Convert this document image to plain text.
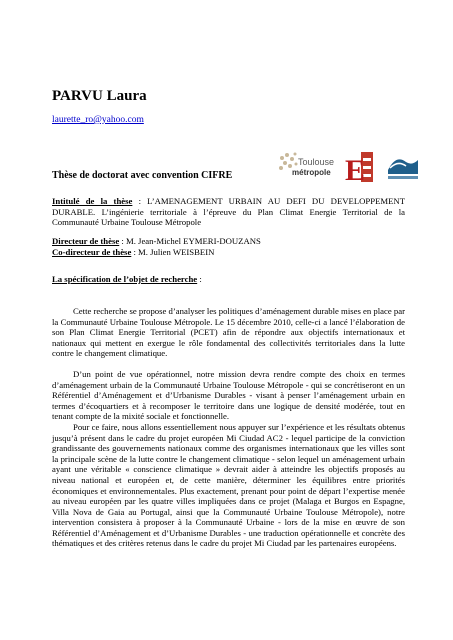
PARVU Laura
laurette_ro@yahoo.com
Thèse de doctorat avec convention CIFRE
Toulouse
métropole E
Intitulé de la thèse : L’AMENAGEMENT URBAIN AU DEFI DU DEVELOPPEMENT DURABLE. L’ingénierie territoriale à l’épreuve du Plan Climat Energie Territorial de la Communauté Urbaine Toulouse Métropole
Directeur de thèse : M. Jean-Michel EYMERI-DOUZANS
Co-directeur de thèse : M. Julien WEISBEIN
La spécification de l’objet de recherche :

Cette recherche se propose d’analyser les politiques d’aménagement durable mises en place par la Communauté Urbaine Toulouse Métropole. Le 15 décembre 2010, celle-ci a lancé l’élaboration de son Plan Climat Energie Territorial (PCET) afin de répondre aux objectifs internationaux et nationaux qui mettent en exergue le rôle fondamental des collectivités territoriales dans la lutte contre le changement climatique.

D’un point de vue opérationnel, notre mission devra rendre compte des choix en termes d’aménagement urbain de la Communauté Urbaine Toulouse Métropole - qui se concrétiseront en un Référentiel d’Aménagement et d’Urbanisme Durables - visant à penser l’aménagement urbain en termes d’écoquartiers et à recomposer le territoire dans une logique de densité modérée, tout en tenant compte de la mixité sociale et fonctionnelle.

Pour ce faire, nous allons essentiellement nous appuyer sur l’expérience et les résultats obtenus jusqu’à présent dans le cadre du projet européen Mi Ciudad AC2 - lequel participe de la conviction grandissante des gouvernements nationaux comme des organismes internationaux que les villes sont la principale scène de la lutte contre le changement climatique - selon lequel un aménagement urbain ayant une véritable « conscience climatique » devrait aider à atteindre les objectifs proposés au niveau national et européen et, de cette manière, déterminer les équilibres entre priorités économiques et environnementales. Plus exactement, prenant pour point de départ l’expertise menée au niveau européen par les quatre villes impliquées dans ce projet (Malaga et Burgos en Espagne, Villa Nova de Gaia au Portugal, ainsi que la Communauté Urbaine Toulouse Métropole), notre intervention consistera à proposer à la Communauté Urbaine - lors de la mise en œuvre de son Référentiel d’Aménagement et d’Urbanisme Durables - une traduction opérationnelle et concrète des thématiques et des critères retenus dans le cadre du projet Mi Ciudad par les partenaires européens.
